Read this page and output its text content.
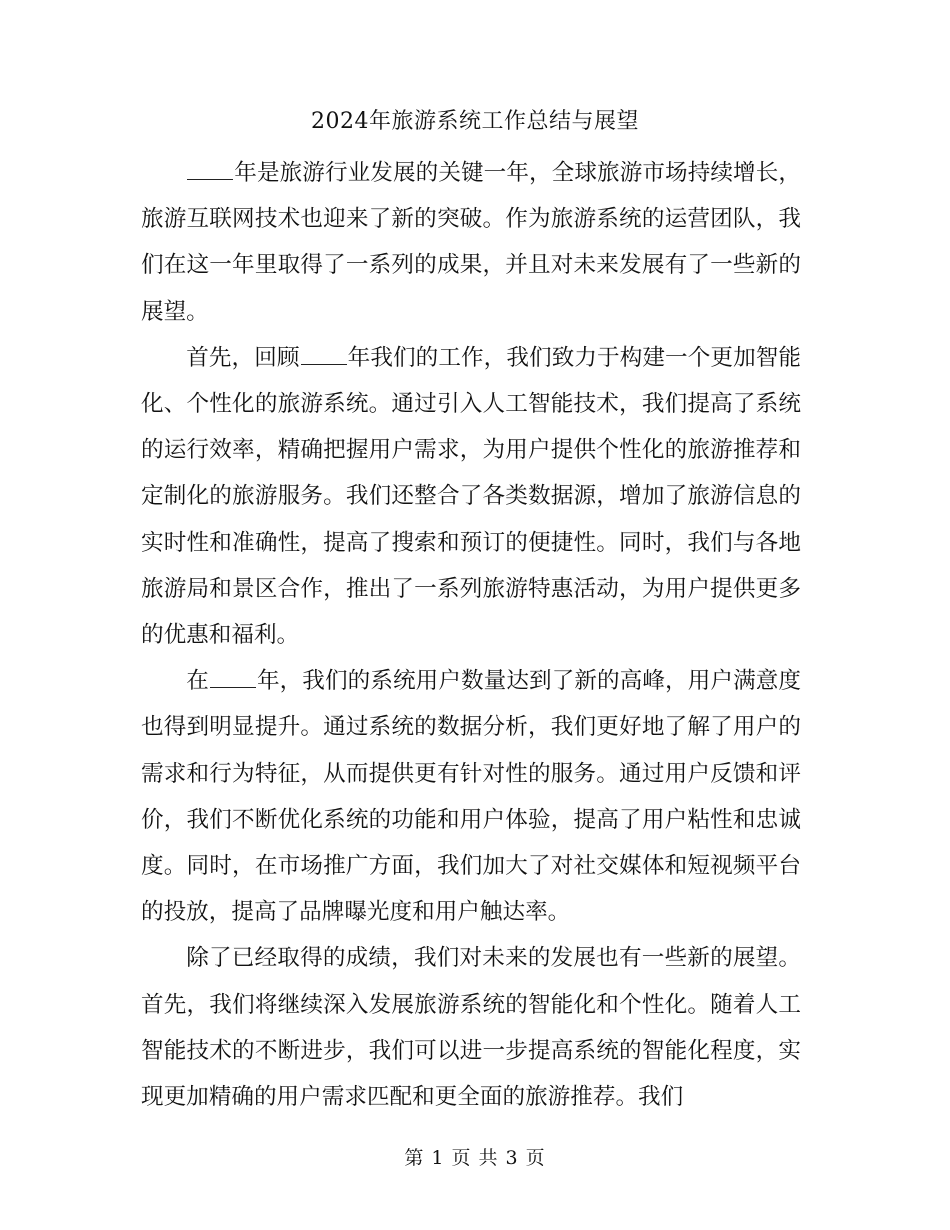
2024年旅游系统工作总结与展望

年是旅游行业发展的关键一年，全球旅游市场持续增长，旅游互联网技术也迎来了新的突破。作为旅游系统的运营团队，我们在这一年里取得了一系列的成果，并且对未来发展有了一些新的展望。

首先，回顾 年我们的工作，我们致力于构建一个更加智能化、个性化的旅游系统。通过引入人工智能技术，我们提高了系统的运行效率，精确把握用户需求，为用户提供个性化的旅游推荐和定制化的旅游服务。我们还整合了各类数据源，增加了旅游信息的实时性和准确性，提高了搜索和预订的便捷性。同时，我们与各地旅游局和景区合作，推出了一系列旅游特惠活动，为用户提供更多的优惠和福利。

在 年，我们的系统用户数量达到了新的高峰，用户满意度也得到明显提升。通过系统的数据分析，我们更好地了解了用户的需求和行为特征，从而提供更有针对性的服务。通过用户反馈和评价，我们不断优化系统的功能和用户体验，提高了用户粘性和忠诚度。同时，在市场推广方面，我们加大了对社交媒体和短视频平台的投放，提高了品牌曝光度和用户触达率。

除了已经取得的成绩，我们对未来的发展也有一些新的展望。首先，我们将继续深入发展旅游系统的智能化和个性化。随着人工智能技术的不断进步，我们可以进一步提高系统的智能化程度，实现更加精确的用户需求匹配和更全面的旅游推荐。我们

第 1 页 共 3 页
